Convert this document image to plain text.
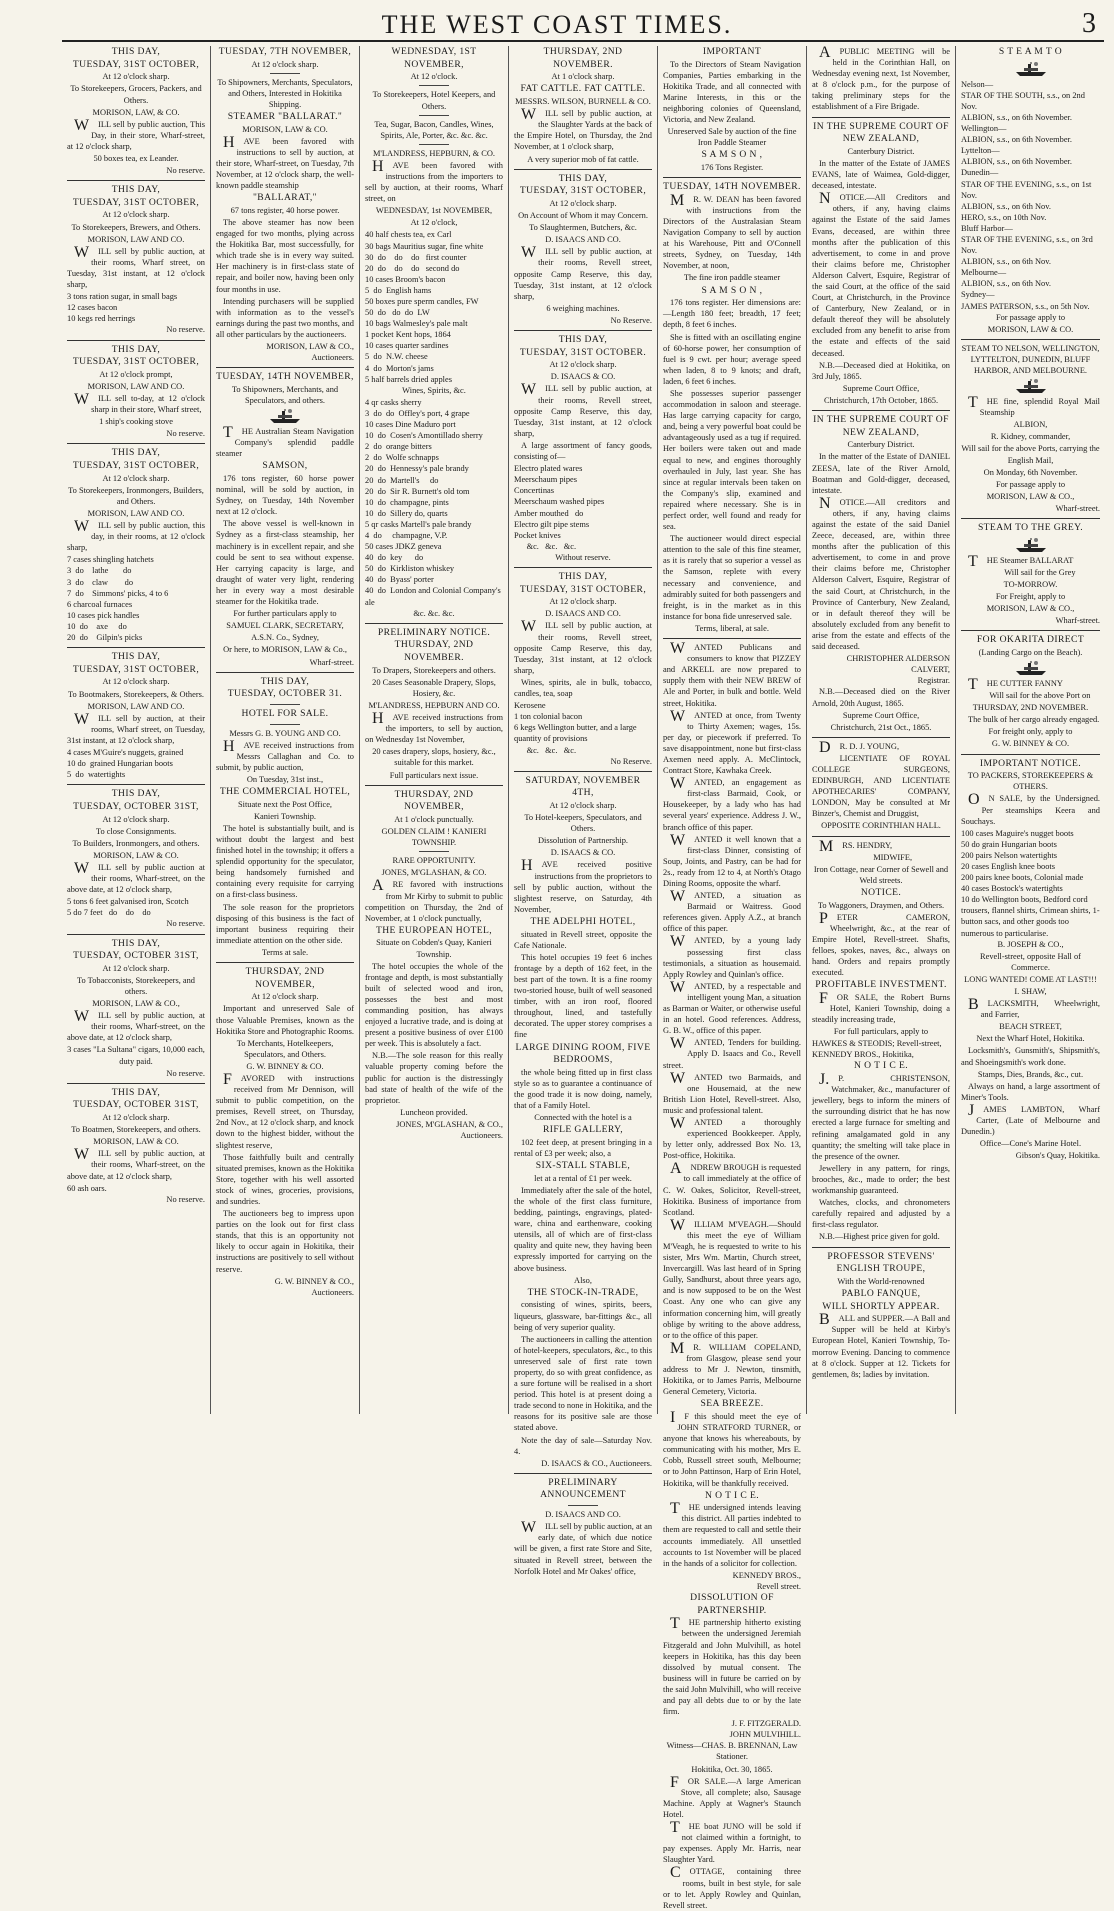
THE WEST COAST TIMES.	3
THIS DAY,
TUESDAY, 31ST OCTOBER,
At 12 o'clock sharp.
To Storekeepers, Grocers, Packers, and Others.
MORISON, LAW, & CO.

WILL sell by public auction, This Day, in their store, Wharf-street, at 12 o'clock sharp,

50 boxes tea, ex Leander.
No reserve.
THIS DAY,
TUESDAY, 31ST OCTOBER,
At 12 o'clock sharp.
To Storekeepers, Brewers, and Others.
MORISON, LAW AND CO.

WILL sell by public auction, at their rooms, Wharf street, on Tuesday, 31st instant, at 12 o'clock sharp,

3 tons ration sugar, in small bags
12 cases bacon
10 kegs red herrings
No reserve.
THIS DAY,
TUESDAY, 31ST OCTOBER,
At 12 o'clock prompt,
MORISON, LAW AND CO.

WILL sell to-day, at 12 o'clock sharp in their store, Wharf street,

1 ship's cooking stove
No reserve.
THIS DAY,
TUESDAY, 31ST OCTOBER,
At 12 o'clock sharp.
To Storekeepers, Ironmongers, Builders, and Others.
MORISON, LAW AND CO.

WILL sell by public auction, this day, in their rooms, at 12 o'clock sharp,

7 cases shingling hatchets
3  do    lathe       do
3  do    claw        do
7  do    Simmons' picks, 4 to 6
6 charcoal furnaces
10 cases pick handles
10  do    axe     do
20  do    Gilpin's picks
THIS DAY,
TUESDAY, 31ST OCTOBER,
At 12 o'clock sharp.
To Bootmakers, Storekeepers, & Others.
MORISON, LAW AND CO.

WILL sell by auction, at their rooms, Wharf street, on Tuesday, 31st instant, at 12 o'clock sharp,

4 cases M'Guire's nuggets, grained
10 do  grained Hungarian boots
5  do  watertights
THIS DAY,
TUESDAY, OCTOBER 31ST,
At 12 o'clock sharp.
To close Consignments.
To Builders, Ironmongers, and others.
MORISON, LAW & CO.

WILL sell by public auction at their rooms, Wharf-street, on the above date, at 12 o'clock sharp,

5 tons 6 feet galvanised iron, Scotch
5 do 7 feet   do    do    do
No reserve.
THIS DAY,
TUESDAY, OCTOBER 31ST,
At 12 o'clock sharp.
To Tobacconists, Storekeepers, and others.
MORISON, LAW & CO.,

WILL sell by public auction, at their rooms, Wharf-street, on the above date, at 12 o'clock sharp,

3 cases "La Sultana" cigars, 10,000 each, duty paid.
No reserve.
THIS DAY,
TUESDAY, OCTOBER 31ST,
At 12 o'clock sharp.
To Boatmen, Storekeepers, and others.
MORISON, LAW & CO.

WILL sell by public auction, at their rooms, Wharf-street, on the above date, at 12 o'clock sharp,

60 ash oars.
No reserve.
TUESDAY, 7TH NOVEMBER,
At 12 o'clock sharp.
To Shipowners, Merchants, Speculators, and Others, Interested in Hokitika Shipping.
STEAMER "BALLARAT."
MORISON, LAW & CO.

HAVE been favored with instructions to sell by auction, at their store, Wharf-street, on Tuesday, 7th November, at 12 o'clock sharp, the well-known paddle steamship

"BALLARAT,"
67 tons register, 40 horse power.

The above steamer has now been engaged for two months, plying across the Hokitika Bar, most successfully, for which trade she is in every way suited. Her machinery is in first-class state of repair, and boiler now, having been only four months in use.

Intending purchasers will be supplied with information as to the vessel's earnings during the past two months, and all other particulars by the auctioneers.

MORISON, LAW & CO.,
Auctioneers.
TUESDAY, 14TH NOVEMBER,
To Shipowners, Merchants, and Speculators, and others.

THE Australian Steam Navigation Company's splendid paddle steamer

SAMSON,

176 tons register, 60 horse power nominal, will be sold by auction, in Sydney, on Tuesday, 14th November next at 12 o'clock.

The above vessel is well-known in Sydney as a first-class steamship, her machinery is in excellent repair, and she could be sent to sea without expense. Her carrying capacity is large, and draught of water very light, rendering her in every way a most desirable steamer for the Hokitika trade.

For further particulars apply to
SAMUEL CLARK, SECRETARY,
A.S.N. Co., Sydney,
Or here, to MORISON, LAW & Co.,
Wharf-street.
THIS DAY,
TUESDAY, OCTOBER 31.
HOTEL FOR SALE.
Messrs G. B. YOUNG AND CO.

HAVE received instructions from Messrs Callaghan and Co. to submit, by public auction,

On Tuesday, 31st inst.,
THE COMMERCIAL HOTEL,
Situate next the Post Office,
Kanieri Township.

The hotel is substantially built, and is without doubt the largest and best finished hotel in the township; it offers a splendid opportunity for the speculator, being handsomely furnished and containing every requisite for carrying on a first-class business.

The sole reason for the proprietors disposing of this business is the fact of important business requiring their immediate attention on the other side.

Terms at sale.
THURSDAY, 2ND NOVEMBER,
At 12 o'clock sharp.

Important and unreserved Sale of those Valuable Premises, known as the Hokitika Store and Photographic Rooms.

To Merchants, Hotelkeepers, Speculators, and Others.
G. W. BINNEY & CO.

FAVORED with instructions received from Mr Dennison, will submit to public competition, on the premises, Revell street, on Thursday, 2nd Nov., at 12 o'clock sharp, and knock down to the highest bidder, without the slightest reserve,

Those faithfully built and centrally situated premises, known as the Hokitika Store, together with his well assorted stock of wines, groceries, provisions, and sundries.

The auctioneers beg to impress upon parties on the look out for first class stands, that this is an opportunity not likely to occur again in Hokitika, their instructions are positively to sell without reserve.

G. W. BINNEY & CO.,
Auctioneers.
WEDNESDAY, 1ST NOVEMBER,
At 12 o'clock.
To Storekeepers, Hotel Keepers, and Others.
Tea, Sugar, Bacon, Candles, Wines, Spirits, Ale, Porter, &c. &c. &c.
M'LANDRESS, HEPBURN, & CO.

HAVE been favored with instructions from the importers to sell by auction, at their rooms, Wharf street, on

WEDNESDAY, 1st NOVEMBER,
At 12 o'clock,
40 half chests tea, ex Carl
30 bags Mauritius sugar, fine white
30  do    do    do   first counter
20  do    do    do   second do
10 cases Broom's bacon
5  do  English hams
50 boxes pure sperm candles, FW
50  do   do  do  LW
10 bags Walmesley's pale malt
1 pocket Kent hops, 1864
10 cases quarter sardines
5  do  N.W. cheese
4  do  Morton's jams
5 half barrels dried apples
Wines, Spirits, &c.
4 qr casks sherry
3  do  do  Offley's port, 4 grape
10 cases Dine Maduro port
10  do  Cosen's Amontillado sherry
2  do  orange bitters
2  do  Wolfe schnapps
20  do  Hennessy's pale brandy
20  do  Martell's     do
20  do  Sir R. Burnett's old tom
10  do  champagne, pints
10  do  Sillery do, quarts
5 qr casks Martell's pale brandy
4  do     champagne, V.P.
50 cases JDKZ geneva
40  do  key      do
50  do  Kirkliston whiskey
40  do  Byass' porter
40  do  London and Colonial Company's ale
&c. &c. &c.
PRELIMINARY NOTICE.
THURSDAY, 2ND NOVEMBER.
To Drapers, Storekeepers and others.
20 Cases Seasonable Drapery, Slops, Hosiery, &c.
M'LANDRESS, HEPBURN AND CO.

HAVE received instructions from the importers, to sell by auction, on Wednesday 1st November,

20 cases drapery, slops, hosiery, &c., suitable for this market.
Full particulars next issue.
THURSDAY, 2ND NOVEMBER,
At 1 o'clock punctually.
GOLDEN CLAIM ! KANIERI TOWNSHIP.
RARE OPPORTUNITY.
JONES, M'GLASHAN, & CO.

ARE favored with instructions from Mr Kirby to submit to public competition on Thursday, the 2nd of November, at 1 o'clock punctually,

THE EUROPEAN HOTEL,
Situate on Cobden's Quay, Kanieri Township.

The hotel occupies the whole of the frontage and depth, is most substantially built of selected wood and iron, possesses the best and most commanding position, has always enjoyed a lucrative trade, and is doing at present a positive business of over £100 per week. This is absolutely a fact.

N.B.—The sole reason for this really valuable property coming before the public for auction is the distressingly bad state of health of the wife of the proprietor.

Luncheon provided.
JONES, M'GLASHAN, & CO.,
Auctioneers.
THURSDAY, 2ND NOVEMBER.
At 1 o'clock sharp.
FAT CATTLE. FAT CATTLE.
MESSRS. WILSON, BURNELL & CO.

WILL sell by public auction, at the Slaughter Yards at the back of the Empire Hotel, on Thursday, the 2nd November, at 1 o'clock sharp,

A very superior mob of fat cattle.
THIS DAY,
TUESDAY, 31ST OCTOBER,
At 12 o'clock sharp.
On Account of Whom it may Concern.
To Slaughtermen, Butchers, &c.
D. ISAACS AND CO.

WILL sell by public auction, at their rooms, Revell street, opposite Camp Reserve, this day, Tuesday, 31st instant, at 12 o'clock sharp,

6 weighing machines.
No Reserve.
THIS DAY,
TUESDAY, 31ST OCTOBER.
At 12 o'clock sharp.
D. ISAACS & CO.

WILL sell by public auction, at their rooms, Revell street, opposite Camp Reserve, this day, Tuesday, 31st instant, at 12 o'clock sharp,

A large assortment of fancy goods, consisting of—

Electro plated wares
Meerschaum pipes
Concertinas
Meerschaum washed pipes
Amber mouthed   do
Electro gilt pipe stems
Pocket knives
&c.   &c.   &c.
Without reserve.
THIS DAY,
TUESDAY, 31ST OCTOBER,
At 12 o'clock sharp.
D. ISAACS AND CO.

WILL sell by public auction, at their rooms, Revell street, opposite Camp Reserve, this day, Tuesday, 31st instant, at 12 o'clock sharp,

Wines, spirits, ale in bulk, tobacco, candles, tea, soap

Kerosene
1 ton colonial bacon
6 kegs Wellington butter, and a large quantity of provisions
&c.   &c.   &c.
No Reserve.
SATURDAY, NOVEMBER 4TH,
At 12 o'clock sharp.
To Hotel-keepers, Speculators, and Others.
Dissolution of Partnership.
D. ISAACS & CO.

HAVE received positive instructions from the proprietors to sell by public auction, without the slightest reserve, on Saturday, 4th November,

THE ADELPHI HOTEL,

situated in Revell street, opposite the Cafe Nationale.

This hotel occupies 19 feet 6 inches frontage by a depth of 162 feet, in the best part of the town. It is a fine roomy two-storied house, built of well seasoned timber, with an iron roof, floored throughout, lined, and tastefully decorated. The upper storey comprises a fine

LARGE DINING ROOM, FIVE BEDROOMS,

the whole being fitted up in first class style so as to guarantee a continuance of the good trade it is now doing, namely, that of a Family Hotel.

Connected with the hotel is a
RIFLE GALLERY,

102 feet deep, at present bringing in a rental of £3 per week; also, a

SIX-STALL STABLE,
let at a rental of £1 per week.

Immediately after the sale of the hotel, the whole of the first class furniture, bedding, paintings, engravings, plated-ware, china and earthenware, cooking utensils, all of which are of first-class quality and quite new, they having been expressly imported for carrying on the above business.

Also,
THE STOCK-IN-TRADE,

consisting of wines, spirits, beers, liqueurs, glassware, bar-fittings &c., all being of very superior quality.

The auctioneers in calling the attention of hotel-keepers, speculators, &c., to this unreserved sale of first rate town property, do so with great confidence, as a sure fortune will be realised in a short period. This hotel is at present doing a trade second to none in Hokitika, and the reasons for its positive sale are those stated above.

Note the day of sale—Saturday Nov. 4.

D. ISAACS & CO., Auctioneers.
PRELIMINARY ANNOUNCEMENT
D. ISAACS AND CO.

WILL sell by public auction, at an early date, of which due notice will be given, a first rate Store and Site, situated in Revell street, between the Norfolk Hotel and Mr Oakes' office,

IMPORTANT

To the Directors of Steam Navigation Companies, Parties embarking in the Hokitika Trade, and all connected with Marine Interests, in this or the neighboring colonies of Queensland, Victoria, and New Zealand.

Unreserved Sale by auction of the fine Iron Paddle Steamer
S A M S O N ,
176 Tons Register.
TUESDAY, 14TH NOVEMBER.

MR. W. DEAN has been favored with instructions from the Directors of the Australasian Steam Navigation Company to sell by auction at his Warehouse, Pitt and O'Connell streets, Sydney, on Tuesday, 14th November, at noon,

The fine iron paddle steamer
S A M S O N ,

176 tons register. Her dimensions are:—Length 180 feet; breadth, 17 feet; depth, 8 feet 6 inches.

She is fitted with an oscillating engine of 60-horse power, her consumption of fuel is 9 cwt. per hour; average speed when laden, 8 to 9 knots; and draft, laden, 6 feet 6 inches.

She possesses superior passenger accommodation in saloon and steerage. Has large carrying capacity for cargo, and, being a very powerful boat could be advantageously used as a tug if required. Her boilers were taken out and made equal to new, and engines thoroughly overhauled in July, last year. She has since at regular intervals been taken on the Company's slip, examined and repaired where necessary. She is in perfect order, well found and ready for sea.

The auctioneer would direct especial attention to the sale of this fine steamer, as it is rarely that so superior a vessel as the Samson, replete with every necessary and convenience, and admirably suited for both passengers and freight, is in the market as in this instance for bona fide unreserved sale.

Terms, liberal, at sale.

WANTED Publicans and consumers to know that PIZZEY and ARKELL are now prepared to supply them with their NEW BREW of Ale and Porter, in bulk and bottle. Weld street, Hokitika.

WANTED at once, from Twenty to Thirty Axemen; wages, 15s. per day, or piecework if preferred. To save disappointment, none but first-class Axemen need apply. A. McClintock, Contract Store, Kawhaka Creek.

WANTED, an engagement as first-class Barmaid, Cook, or Housekeeper, by a lady who has had several years' experience. Address J. W., branch office of this paper.

WANTED it well known that a first-class Dinner, consisting of Soup, Joints, and Pastry, can be had for 2s., ready from 12 to 4, at North's Otago Dining Rooms, opposite the wharf.

WANTED, a situation as Barmaid or Waitress. Good references given. Apply A.Z., at branch office of this paper.

WANTED, by a young lady possessing first class testimonials, a situation as housemaid. Apply Rowley and Quinlan's office.

WANTED, by a respectable and intelligent young Man, a situation as Barman or Waiter, or otherwise useful in an hotel. Good references. Address, G. B. W., office of this paper.

WANTED, Tenders for building. Apply D. Isaacs and Co., Revell street.

WANTED two Barmaids, and one Housemaid, at the new British Lion Hotel, Revell-street. Also, music and professional talent.

WANTED a thoroughly experienced Bookkeeper. Apply, by letter only, addressed Box No. 13, Post-office, Hokitika.

ANDREW BROUGH is requested to call immediately at the office of C. W. Oakes, Solicitor, Revell-street, Hokitika. Business of importance from Scotland.

WILLIAM M'VEAGH.—Should this meet the eye of William M'Veagh, he is requested to write to his sister, Mrs Wm. Martin, Church street, Invercargill. Was last heard of in Spring Gully, Sandhurst, about three years ago, and is now supposed to be on the West Coast. Any one who can give any information concerning him, will greatly oblige by writing to the above address, or to the office of this paper.

MR. WILLIAM COPELAND, from Glasgow, please send your address to Mr J. Newton, tinsmith, Hokitika, or to James Parris, Melbourne General Cemetery, Victoria.

SEA BREEZE.

IF this should meet the eye of JOHN STRATFORD TURNER, or anyone that knows his whereabouts, by communicating with his mother, Mrs E. Cobb, Russell street south, Melbourne; or to John Pattinson, Harp of Erin Hotel, Hokitika, will be thankfully received.

N O T I C E.

THE undersigned intends leaving this district. All parties indebted to them are requested to call and settle their accounts immediately. All unsettled accounts to 1st November will be placed in the hands of a solicitor for collection.

KENNEDY BROS.,
Revell street.
DISSOLUTION OF PARTNERSHIP.

THE partnership hitherto existing between the undersigned Jeremiah Fitzgerald and John Mulvihill, as hotel keepers in Hokitika, has this day been dissolved by mutual consent. The business will in future be carried on by the said John Mulvihill, who will receive and pay all debts due to or by the late firm.

J. F. FITZGERALD.
JOHN MULVIHILL.
Witness—CHAS. B. BRENNAN, Law Stationer.
Hokitika, Oct. 30, 1865.

FOR SALE.—A large American Stove, all complete; also, Sausage Machine. Apply at Wagner's Staunch Hotel.

THE boat JUNO will be sold if not claimed within a fortnight, to pay expenses. Apply Mr. Harris, near Slaughter Yard.

COTTAGE, containing three rooms, built in best style, for sale or to let. Apply Rowley and Quinlan, Revell street.

APUBLIC MEETING will be held in the Corinthian Hall, on Wednesday evening next, 1st November, at 8 o'clock p.m., for the purpose of taking preliminary steps for the establishment of a Fire Brigade.

IN THE SUPREME COURT OF NEW ZEALAND,
Canterbury District.

In the matter of the Estate of JAMES EVANS, late of Waimea, Gold-digger, deceased, intestate.

NOTICE.—All Creditors and others, if any, having claims against the Estate of the said James Evans, deceased, are within three months after the publication of this advertisement, to come in and prove their claims before me, Christopher Alderson Calvert, Esquire, Registrar of the said Court, at the office of the said Court, at Christchurch, in the Province of Canterbury, New Zealand, or in default thereof they will be absolutely excluded from any benefit to arise from the estate and effects of the said deceased.

N.B.—Deceased died at Hokitika, on 3rd July, 1865.

Supreme Court Office,
Christchurch, 17th October, 1865.
IN THE SUPREME COURT OF NEW ZEALAND,
Canterbury District.

In the matter of the Estate of DANIEL ZEESA, late of the River Arnold, Boatman and Gold-digger, deceased, intestate.

NOTICE.—All creditors and others, if any, having claims against the estate of the said Daniel Zeece, deceased, are, within three months after the publication of this advertisement, to come in and prove their claims before me, Christopher Alderson Calvert, Esquire, Registrar of the said Court, at Christchurch, in the Province of Canterbury, New Zealand, or in default thereof they will be absolutely excluded from any benefit to arise from the estate and effects of the said deceased.

CHRISTOPHER ALDERSON CALVERT,
Registrar.

N.B.—Deceased died on the River Arnold, 20th August, 1865.

Supreme Court Office,
Christchurch, 21st Oct., 1865.

DR. D. J. YOUNG,

LICENTIATE OF ROYAL COLLEGE SURGEONS, EDINBURGH, AND LICENTIATE APOTHECARIES' COMPANY, LONDON, May be consulted at Mr Binzer's, Chemist and Druggist,

OPPOSITE CORINTHIAN HALL.

MRS. HENDRY,

MIDWIFE,
Iron Cottage, near Corner of Sewell and Weld streets.
NOTICE.
To Waggoners, Draymen, and Others.

PETER CAMERON, Wheelwright, &c., at the rear of Empire Hotel, Revell-street. Shafts, felloes, spokes, naves, &c., always on hand. Orders and repairs promptly executed.

PROFITABLE INVESTMENT.

FOR SALE, the Robert Burns Hotel, Kanieri Township, doing a steadily increasing trade,

For full particulars, apply to
HAWKES & STEODIS; Revell-street,
KENNEDY BROS., Hokitika,
N O T I C E.

J.P. CHRISTENSON, Watchmaker, &c., manufacturer of jewellery, begs to inform the miners of the surrounding district that he has now erected a large furnace for smelting and refining amalgamated gold in any quantity; the smelting will take place in the presence of the owner.

Jewellery in any pattern, for rings, brooches, &c., made to order; the best workmanship guaranteed.

Watches, clocks, and chronometers carefully repaired and adjusted by a first-class regulator.

N.B.—Highest price given for gold.

PROFESSOR STEVENS'
ENGLISH TROUPE,
With the World-renowned
PABLO FANQUE,
WILL SHORTLY APPEAR.

BALL and SUPPER.—A Ball and Supper will be held at Kirby's European Hotel, Kanieri Township, To-morrow Evening. Dancing to commence at 8 o'clock. Supper at 12. Tickets for gentlemen, 8s; ladies by invitation.

S T E A M T O
Nelson—
STAR OF THE SOUTH, s.s., on 2nd Nov.
ALBION, s.s., on 6th November.
Wellington—
ALBION, s.s., on 6th November.
Lyttelton—
ALBION, s.s., on 6th November.
Dunedin—
STAR OF THE EVENING, s.s., on 1st Nov.
ALBION, s.s., on 6th Nov.
HERO, s.s., on 10th Nov.
Bluff Harbor—
STAR OF THE EVENING, s.s., on 3rd Nov.
ALBION, s.s., on 6th Nov.
Melbourne—
ALBION, s.s., on 6th Nov.
Sydney—
JAMES PATERSON, s.s., on 5th Nov.
For passage apply to
MORISON, LAW & CO.
STEAM TO NELSON, WELLINGTON, LYTTELTON, DUNEDIN, BLUFF HARBOR, AND MELBOURNE.

THE fine, splendid Royal Mail Steamship

ALBION,
R. Kidney, commander,
Will sail for the above Ports, carrying the English Mail,
On Monday, 6th November.
For passage apply to
MORISON, LAW & CO.,
Wharf-street.
STEAM TO THE GREY.

THE Steamer BALLARAT

Will sail for the Grey
TO-MORROW.
For Freight, apply to
MORISON, LAW & CO.,
Wharf-street.
FOR OKARITA DIRECT
(Landing Cargo on the Beach).

THE CUTTER FANNY

Will sail for the above Port on
THURSDAY, 2ND NOVEMBER.

The bulk of her cargo already engaged.

For freight only, apply to
G. W. BINNEY & CO.
IMPORTANT NOTICE.
TO PACKERS, STOREKEEPERS & OTHERS.

ON SALE, by the Undersigned. Per steamships Keera and Souchays.

100 cases Maguire's nugget boots
50 do grain Hungarian boots
200 pairs Nelson watertights
20 cases English knee boots
200 pairs knee boots, Colonial made
40 cases Bostock's watertights
10 do Wellington boots, Bedford cord trousers, flannel shirts, Crimean shirts, 1-button sacs, and other goods too numerous to particularise.
B. JOSEPH & CO.,
Revell-street, opposite Hall of Commerce.
LONG WANTED! COME AT LAST!!!
I. SHAW,

BLACKSMITH, Wheelwright, and Farrier,

BEACH STREET,
Next the Wharf Hotel, Hokitika.

Locksmith's, Gunsmith's, Shipsmith's, and Shoeingsmith's work done.

Stamps, Dies, Brands, &c., cut.

Always on hand, a large assortment of Miner's Tools.

JAMES LAMBTON, Wharf Carter, (Late of Melbourne and Dunedin.)

Office—Cone's Marine Hotel.
Gibson's Quay, Hokitika.
